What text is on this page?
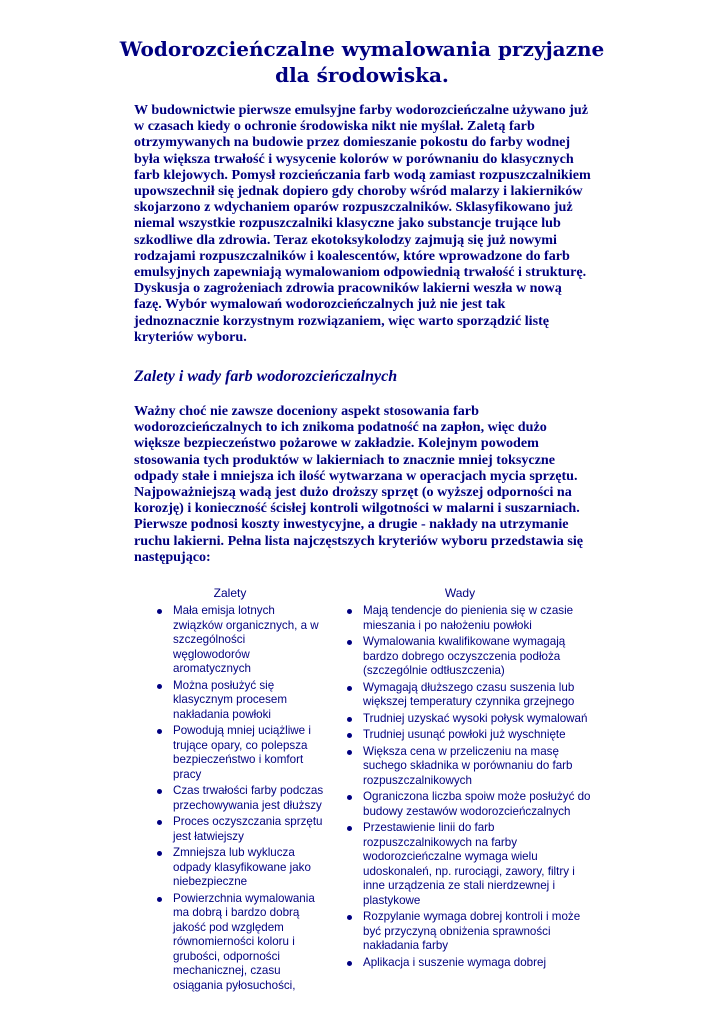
Wodorozcieńczalne wymalowania przyjazne dla środowiska.

W budownictwie pierwsze emulsyjne farby wodorozcieńczalne używano już w czasach kiedy o ochronie środowiska nikt nie myślał. Zaletą farb otrzymywanych na budowie przez domieszanie pokostu do farby wodnej była większa trwałość i wysycenie kolorów w porównaniu do klasycznych farb klejowych. Pomysł rozcieńczania farb wodą zamiast rozpuszczalnikiem upowszechnił się jednak dopiero gdy choroby wśród malarzy i lakierników skojarzono z wdychaniem oparów rozpuszczalników. Sklasyfikowano już niemal wszystkie rozpuszczalniki klasyczne jako substancje trujące lub szkodliwe dla zdrowia. Teraz ekotoksykolodzy zajmują się już nowymi rodzajami rozpuszczalników i koalescentów, które wprowadzone do farb emulsyjnych zapewniają wymalowaniom odpowiednią trwałość i strukturę. Dyskusja o zagrożeniach zdrowia pracowników lakierni weszła w nową fazę. Wybór wymalowań wodorozcieńczalnych już nie jest tak jednoznacznie korzystnym rozwiązaniem, więc warto sporządzić listę kryteriów wyboru.

Zalety i wady farb wodorozcieńczalnych

Ważny choć nie zawsze doceniony aspekt stosowania farb wodorozcieńczalnych to ich znikoma podatność na zapłon, więc dużo większe bezpieczeństwo pożarowe w zakładzie. Kolejnym powodem stosowania tych produktów w lakierniach to znacznie mniej toksyczne odpady stałe i mniejsza ich ilość wytwarzana w operacjach mycia sprzętu. Najpoważniejszą wadą jest dużo droższy sprzęt (o wyższej odporności na korozję) i konieczność ścisłej kontroli wilgotności w malarni i suszarniach. Pierwsze podnosi koszty inwestycyjne, a drugie - nakłady na utrzymanie ruchu lakierni. Pełna lista najczęstszych kryteriów wyboru przedstawia się następująco:

Zalety	Wady
Mała emisja lotnych związków organicznych, a w szczególności węglowodorów aromatycznych
Można posłużyć się klasycznym procesem nakładania powłoki
Powodują mniej uciążliwe i trujące opary, co polepsza bezpieczeństwo i komfort pracy
Czas trwałości farby podczas przechowywania jest dłuższy
Proces oczyszczania sprzętu jest łatwiejszy
Zmniejsza lub wyklucza odpady klasyfikowane jako niebezpieczne
Powierzchnia wymalowania ma dobrą i bardzo dobrą jakość pod względem równomierności koloru i grubości, odporności mechanicznej, czasu osiągania pyłosuchości,
Mają tendencje do pienienia się w czasie mieszania i po nałożeniu powłoki
Wymalowania kwalifikowane wymagają bardzo dobrego oczyszczenia podłoża (szczególnie odtłuszczenia)
Wymagają dłuższego czasu suszenia lub większej temperatury czynnika grzejnego
Trudniej uzyskać wysoki połysk wymalowań
Trudniej usunąć powłoki już wyschnięte
Większa cena w przeliczeniu na masę suchego składnika w porównaniu do farb rozpuszczalnikowych
Ograniczona liczba spoiw może posłużyć do budowy zestawów wodorozcieńczalnych
Przestawienie linii do farb rozpuszczalnikowych na farby wodorozcieńczalne wymaga wielu udoskonaleń, np. rurociągi, zawory, filtry i inne urządzenia ze stali nierdzewnej i plastykowe
Rozpylanie wymaga dobrej kontroli i może być przyczyną obniżenia sprawności nakładania farby
Aplikacja i suszenie wymaga dobrej
